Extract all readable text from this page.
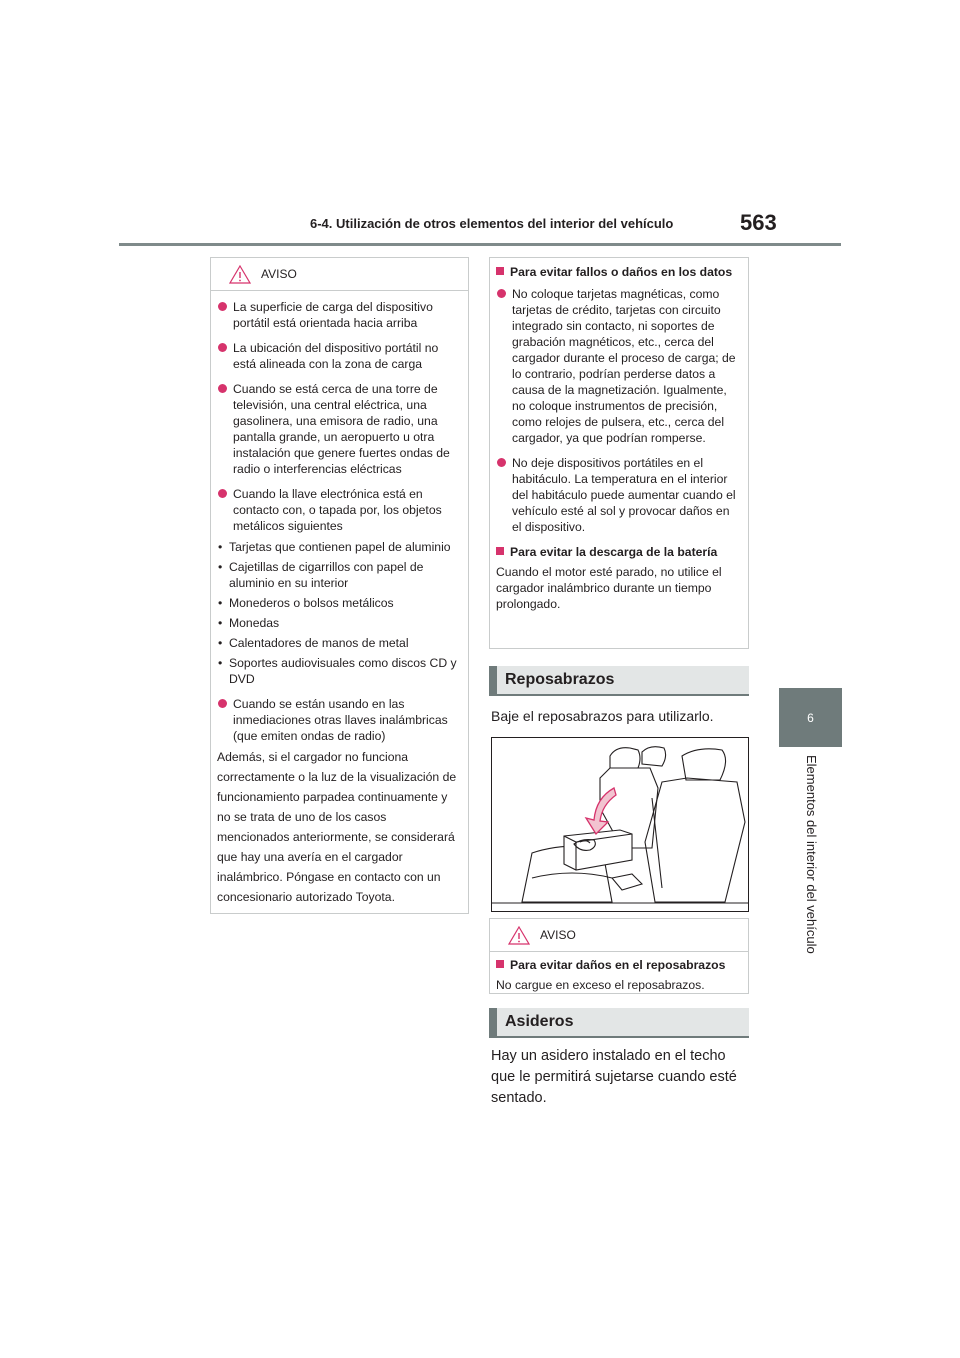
6-4. Utilización de otros elementos del interior del vehículo	563
6
Elementos del interior del vehículo
AVISO
La superficie de carga del dispositivo portátil está orientada hacia arriba
La ubicación del dispositivo portátil no está alineada con la zona de carga
Cuando se está cerca de una torre de televisión, una central eléctrica, una gasolinera, una emisora de radio, una pantalla grande, un aeropuerto u otra instalación que genere fuertes ondas de radio o interferencias eléctricas
Cuando la llave electrónica está en contacto con, o tapada por, los objetos metálicos siguientes
• Tarjetas que contienen papel de aluminio
• Cajetillas de cigarrillos con papel de aluminio en su interior
• Monederos o bolsos metálicos
• Monedas
• Calentadores de manos de metal
• Soportes audiovisuales como discos CD y DVD
Cuando se están usando en las inmediaciones otras llaves inalámbricas (que emiten ondas de radio)
Además, si el cargador no funciona correctamente o la luz de la visualización de funcionamiento parpadea continuamente y no se trata de uno de los casos mencionados anteriormente, se considerará que hay una avería en el cargador inalámbrico. Póngase en contacto con un concesionario autorizado Toyota.
Para evitar fallos o daños en los datos
No coloque tarjetas magnéticas, como tarjetas de crédito, tarjetas con circuito integrado sin contacto, ni soportes de grabación magnéticos, etc., cerca del cargador durante el proceso de carga; de lo contrario, podrían perderse datos a causa de la magnetización. Igualmente, no coloque instrumentos de precisión, como relojes de pulsera, etc., cerca del cargador, ya que podrían romperse.
No deje dispositivos portátiles en el habitáculo. La temperatura en el interior del habitáculo puede aumentar cuando el vehículo esté al sol y provocar daños en el dispositivo.
Para evitar la descarga de la batería
Cuando el motor esté parado, no utilice el cargador inalámbrico durante un tiempo prolongado.
Reposabrazos
Baje el reposabrazos para utilizarlo.
AVISO
Para evitar daños en el reposabrazos
No cargue en exceso el reposabrazos.
Asideros
Hay un asidero instalado en el techo que le permitirá sujetarse cuando esté sentado.
